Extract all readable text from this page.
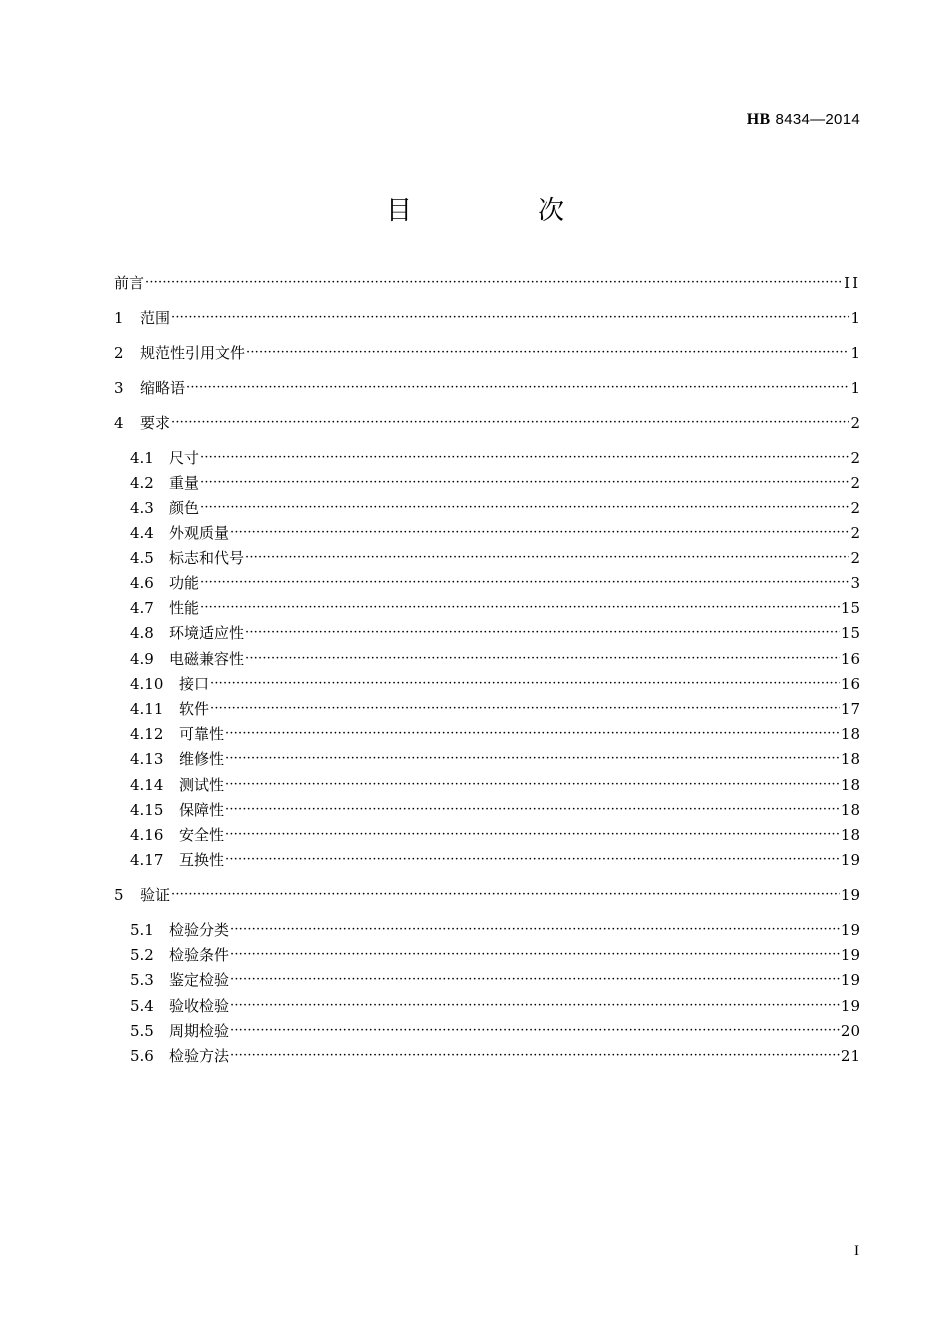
HB 8434—2014
目　次
前言 ·····	II
1	范围 ·····	1
2	规范性引用文件 ·····	1
3	缩略语 ·····	1
4	要求 ·····	2
4.1	尺寸 ·····	2
4.2	重量 ·····	2
4.3	颜色 ·····	2
4.4	外观质量 ·····	2
4.5	标志和代号 ·····	2
4.6	功能 ·····	3
4.7	性能 ·····	15
4.8	环境适应性 ·····	15
4.9	电磁兼容性 ·····	16
4.10	接口 ·····	16
4.11	软件 ·····	17
4.12	可靠性 ·····	18
4.13	维修性 ·····	18
4.14	测试性 ·····	18
4.15	保障性 ·····	18
4.16	安全性 ·····	18
4.17	互换性 ·····	19
5	验证 ·····	19
5.1	检验分类 ·····	19
5.2	检验条件 ·····	19
5.3	鉴定检验 ·····	19
5.4	验收检验 ·····	19
5.5	周期检验 ·····	20
5.6	检验方法 ·····	21
I
